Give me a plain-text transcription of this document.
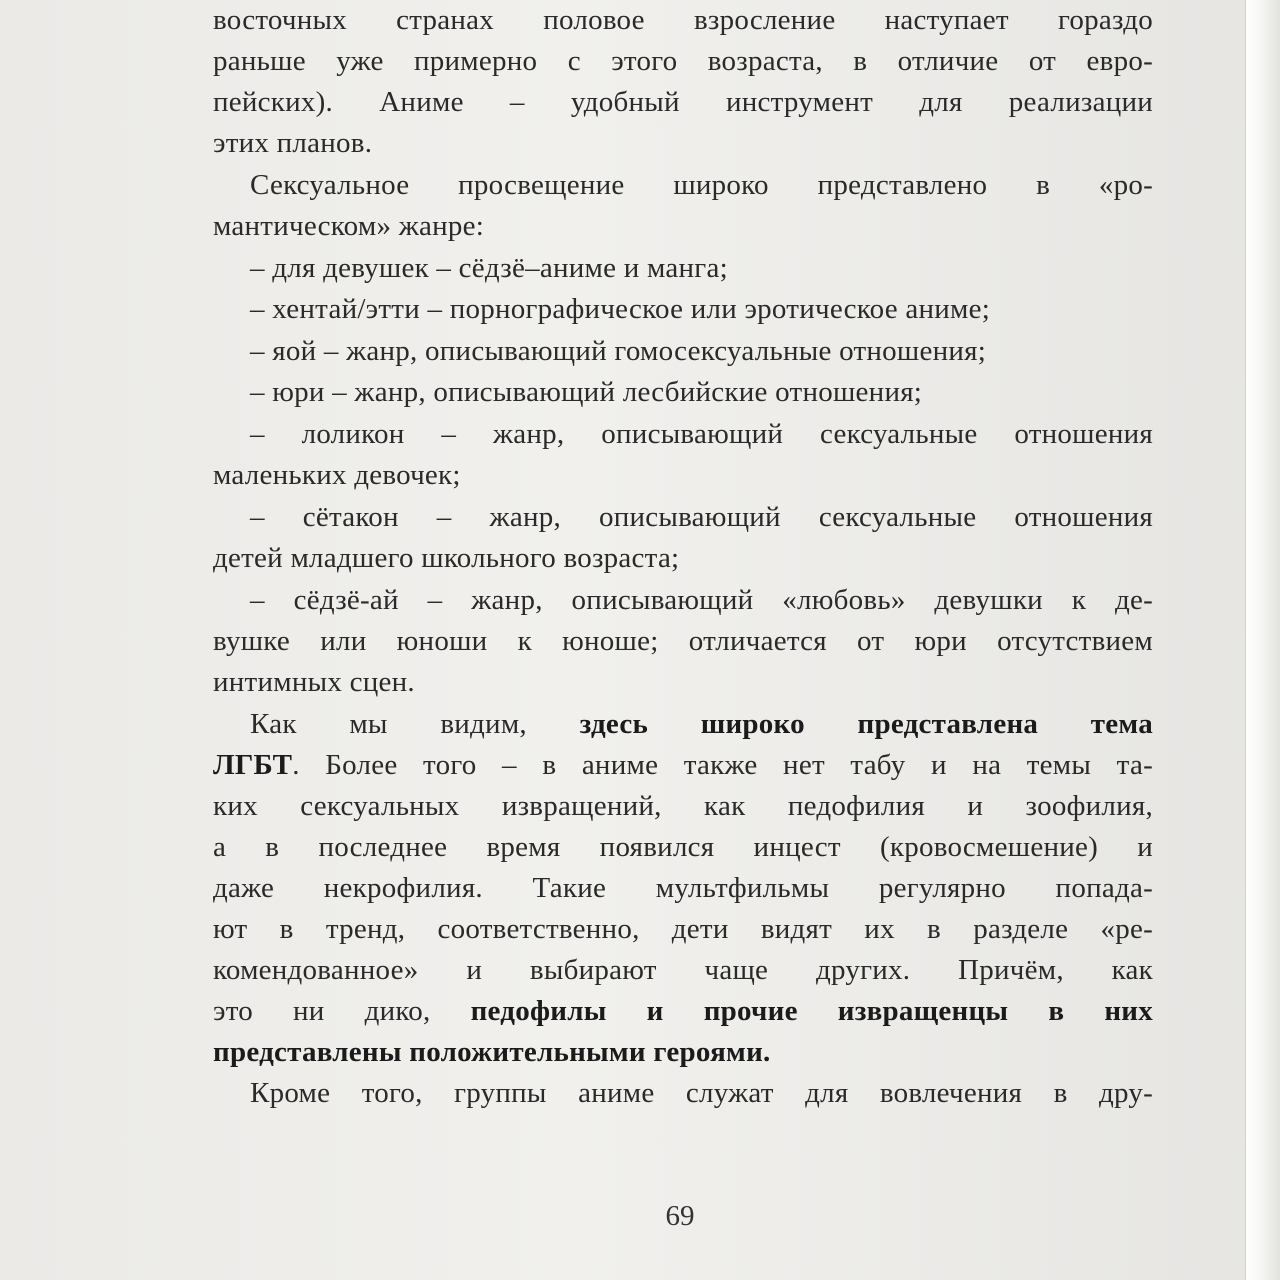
восточных странах половое взросление наступает гораздо
раньше уже примерно с этого возраста, в отличие от евро-
пейских). Аниме – удобный инструмент для реализации
этих планов.
Сексуальное просвещение широко представлено в «ро-
мантическом» жанре:
– для девушек – сёдзё–аниме и манга;
– хентай/этти – порнографическое или эротическое аниме;
– яой – жанр, описывающий гомосексуальные отношения;
– юри – жанр, описывающий лесбийские отношения;
– лоликон – жанр, описывающий сексуальные отношения
маленьких девочек;
– сётакон – жанр, описывающий сексуальные отношения
детей младшего школьного возраста;
– сёдзё-ай – жанр, описывающий «любовь» девушки к де-
вушке или юноши к юноше; отличается от юри отсутствием
интимных сцен.
Как мы видим, здесь широко представлена тема
ЛГБТ. Более того – в аниме также нет табу и на темы та-
ких сексуальных извращений, как педофилия и зоофилия,
а в последнее время появился инцест (кровосмешение) и
даже некрофилия. Такие мультфильмы регулярно попада-
ют в тренд, соответственно, дети видят их в разделе «ре-
комендованное» и выбирают чаще других. Причём, как
это ни дико, педофилы и прочие извращенцы в них
представлены положительными героями.
Кроме того, группы аниме служат для вовлечения в дру-
69
